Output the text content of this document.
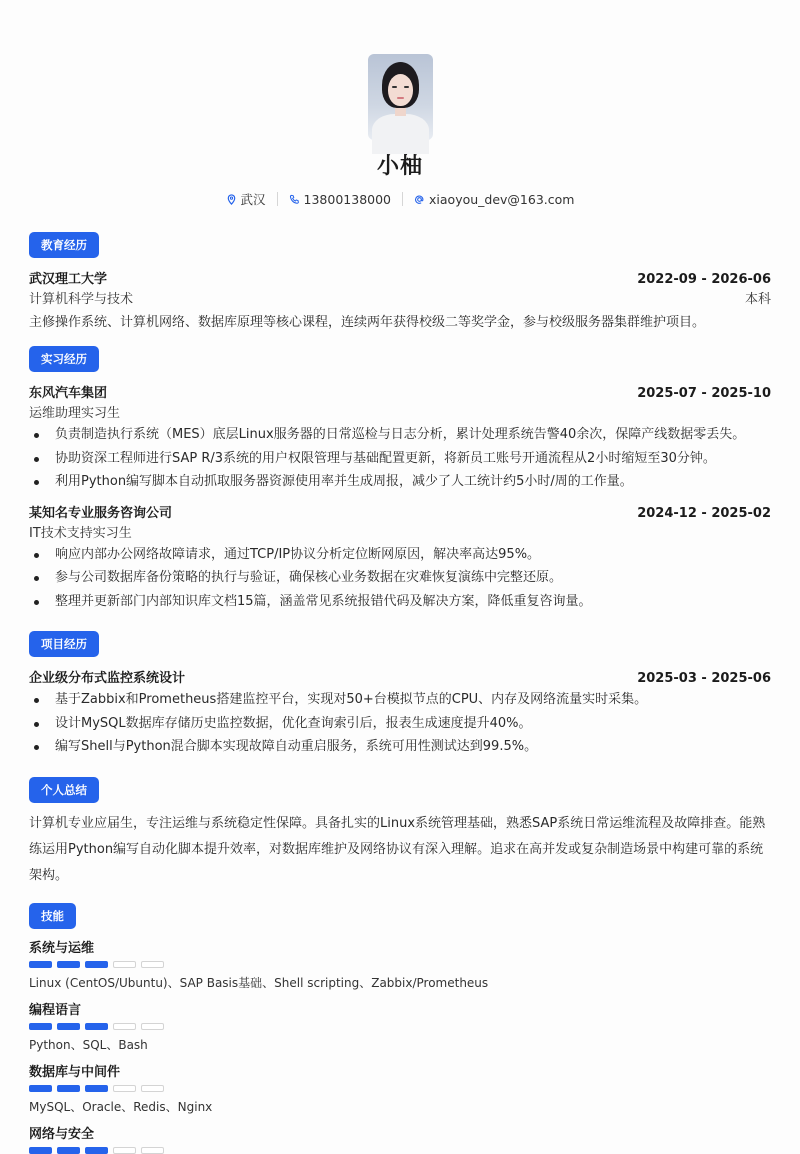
小柚
武汉	13800138000	xiaoyou_dev@163.com
教育经历
武汉理工大学	2022-09 - 2026-06
计算机科学与技术	本科
主修操作系统、计算机网络、数据库原理等核心课程，连续两年获得校级二等奖学金，参与校级服务器集群维护项目。
实习经历
东风汽车集团	2025-07 - 2025-10
运维助理实习生
负责制造执行系统（MES）底层Linux服务器的日常巡检与日志分析，累计处理系统告警40余次，保障产线数据零丢失。
协助资深工程师进行SAP R/3系统的用户权限管理与基础配置更新，将新员工账号开通流程从2小时缩短至30分钟。
利用Python编写脚本自动抓取服务器资源使用率并生成周报，减少了人工统计约5小时/周的工作量。
某知名专业服务咨询公司	2024-12 - 2025-02
IT技术支持实习生
响应内部办公网络故障请求，通过TCP/IP协议分析定位断网原因，解决率高达95%。
参与公司数据库备份策略的执行与验证，确保核心业务数据在灾难恢复演练中完整还原。
整理并更新部门内部知识库文档15篇，涵盖常见系统报错代码及解决方案，降低重复咨询量。
项目经历
企业级分布式监控系统设计	2025-03 - 2025-06
基于Zabbix和Prometheus搭建监控平台，实现对50+台模拟节点的CPU、内存及网络流量实时采集。
设计MySQL数据库存储历史监控数据，优化查询索引后，报表生成速度提升40%。
编写Shell与Python混合脚本实现故障自动重启服务，系统可用性测试达到99.5%。
个人总结
计算机专业应届生，专注运维与系统稳定性保障。具备扎实的Linux系统管理基础，熟悉SAP系统日常运维流程及故障排查。能熟练运用Python编写自动化脚本提升效率，对数据库维护及网络协议有深入理解。追求在高并发或复杂制造场景中构建可靠的系统架构。
技能
系统与运维
Linux (CentOS/Ubuntu)、SAP Basis基础、Shell scripting、Zabbix/Prometheus
编程语言
Python、SQL、Bash
数据库与中间件
MySQL、Oracle、Redis、Nginx
网络与安全
